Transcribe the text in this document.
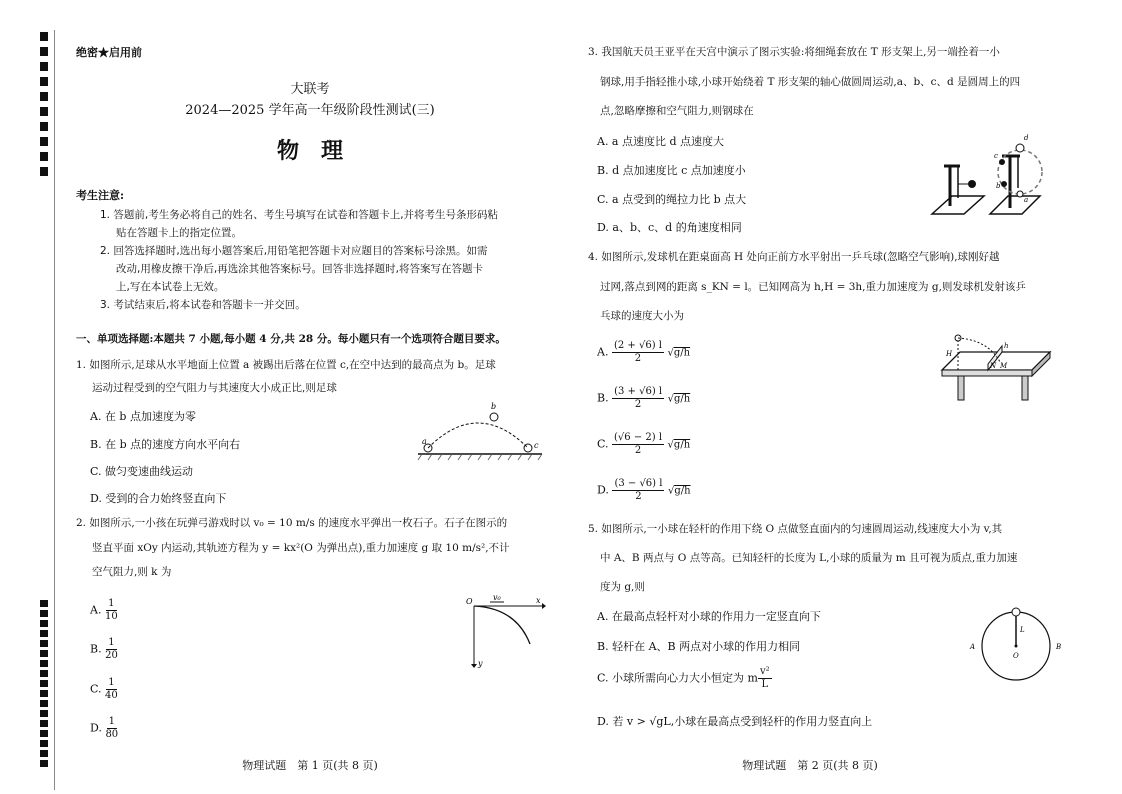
绝密★启用前
大联考
2024—2025 学年高一年级阶段性测试(三)
物　理
考生注意:
1. 答题前,考生务必将自己的姓名、考生号填写在试卷和答题卡上,并将考生号条形码粘
贴在答题卡上的指定位置。
2. 回答选择题时,选出每小题答案后,用铅笔把答题卡对应题目的答案标号涂黑。如需
改动,用橡皮擦干净后,再选涂其他答案标号。回答非选择题时,将答案写在答题卡
上,写在本试卷上无效。
3. 考试结束后,将本试卷和答题卡一并交回。
一、单项选择题:本题共 7 小题,每小题 4 分,共 28 分。每小题只有一个选项符合题目要求。
1. 如图所示,足球从水平地面上位置 a 被踢出后落在位置 c,在空中达到的最高点为 b。足球
运动过程受到的空气阻力与其速度大小成正比,则足球
A. 在 b 点加速度为零
B. 在 b 点的速度方向水平向右
C. 做匀变速曲线运动
D. 受到的合力始终竖直向下
a
b
c
2. 如图所示,一小孩在玩弹弓游戏时以 v₀ = 10 m/s 的速度水平弹出一枚石子。石子在图示的
竖直平面 xOy 内运动,其轨迹方程为 y = kx²(O 为弹出点),重力加速度 g 取 10 m/s²,不计
空气阻力,则 k 为
A. $\frac{1}{10}$
B. $\frac{1}{20}$
C. $\frac{1}{40}$
D. $\frac{1}{80}$
O	v₀	x
y
物理试题　第 1 页(共 8 页)
3. 我国航天员王亚平在天宫中演示了图示实验:将细绳套放在 T 形支架上,另一端拴着一小
钢球,用手指轻推小球,小球开始绕着 T 形支架的轴心做圆周运动,a、b、c、d 是圆周上的四
点,忽略摩擦和空气阻力,则钢球在
A. a 点速度比 d 点速度大
B. d 点加速度比 c 点加速度小
C. a 点受到的绳拉力比 b 点大
D. a、b、c、d 的角速度相同
d
c
b
a
4. 如图所示,发球机在距桌面高 H 处向正前方水平射出一乒乓球(忽略空气影响),球刚好越
过网,落点到网的距离 s_KN = l。已知网高为 h,H = 3h,重力加速度为 g,则发球机发射该乒
乓球的速度大小为
A. $\frac{(2 + √6) l}{2} √g/h$
B. $\frac{(3 + √6) l}{2} √g/h$
C. $\frac{(√6 - 2) l}{2} √g/h$
D. $\frac{(3 - √6) l}{2} √g/h$
H
h
N M
5. 如图所示,一小球在轻杆的作用下绕 O 点做竖直面内的匀速圆周运动,线速度大小为 v,其
中 A、B 两点与 O 点等高。已知轻杆的长度为 L,小球的质量为 m 且可视为质点,重力加速
度为 g,则
A. 在最高点轻杆对小球的作用力一定竖直向下
B. 轻杆在 A、B 两点对小球的作用力相同
C. 小球所需向心力大小恒定为 m $\frac{\text{v²}}{L}$
D. 若 v > √gL,小球在最高点受到轻杆的作用力竖直向上
A	B
O
L
物理试题　第 2 页(共 8 页)
